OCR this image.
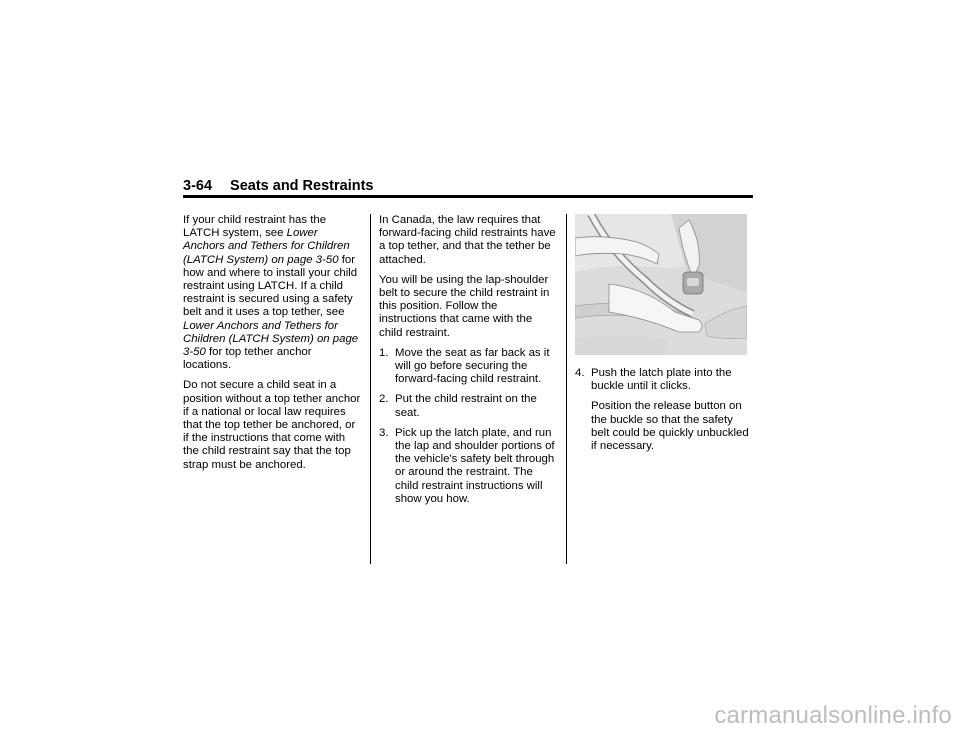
3-64 Seats and Restraints

If your child restraint has the LATCH system, see Lower Anchors and Tethers for Children (LATCH System) on page 3-50 for how and where to install your child restraint using LATCH. If a child restraint is secured using a safety belt and it uses a top tether, see Lower Anchors and Tethers for Children (LATCH System) on page 3-50 for top tether anchor locations.

Do not secure a child seat in a position without a top tether anchor if a national or local law requires that the top tether be anchored, or if the instructions that come with the child restraint say that the top strap must be anchored.

In Canada, the law requires that forward-facing child restraints have a top tether, and that the tether be attached.

You will be using the lap-shoulder belt to secure the child restraint in this position. Follow the instructions that came with the child restraint.

1. Move the seat as far back as it will go before securing the forward-facing child restraint.
2. Put the child restraint on the seat.
3. Pick up the latch plate, and run the lap and shoulder portions of the vehicle's safety belt through or around the restraint. The child restraint instructions will show you how.
4. Push the latch plate into the buckle until it clicks.
Position the release button on the buckle so that the safety belt could be quickly unbuckled if necessary.
carmanualsonline.info
